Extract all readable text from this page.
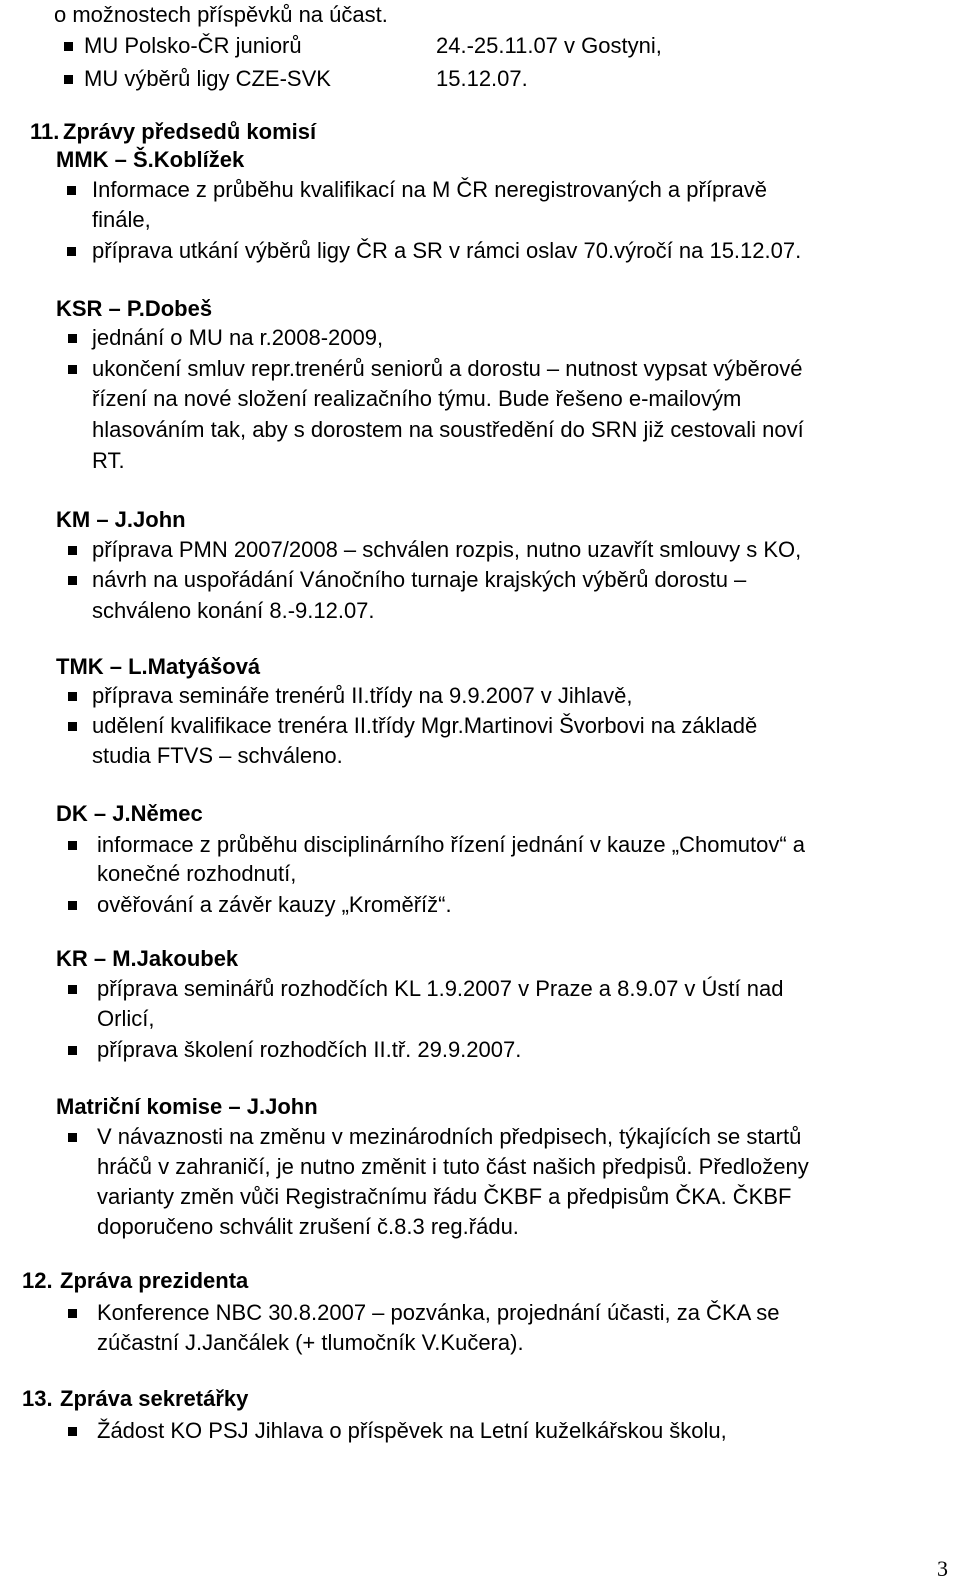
o možnostech příspěvků na účast.
MU Polsko-ČR juniorů	24.-25.11.07 v Gostyni,
MU výběrů ligy CZE-SVK	15.12.07.
11. Zprávy předsedů komisí
MMK – Š.Koblížek
Informace z průběhu kvalifikací na M ČR neregistrovaných a přípravě
finále,
příprava utkání výběrů ligy ČR a SR v rámci oslav 70.výročí na 15.12.07.
KSR – P.Dobeš
jednání o MU na r.2008-2009,
ukončení smluv repr.trenérů seniorů a dorostu – nutnost vypsat výběrové
řízení na nové složení realizačního týmu. Bude řešeno e-mailovým
hlasováním tak, aby s dorostem na soustředění do SRN již cestovali noví
RT.
KM – J.John
příprava PMN 2007/2008 – schválen rozpis, nutno uzavřít smlouvy s KO,
návrh na uspořádání Vánočního turnaje krajských výběrů dorostu –
schváleno konání 8.-9.12.07.
TMK – L.Matyášová
příprava semináře trenérů II.třídy na 9.9.2007 v Jihlavě,
udělení kvalifikace trenéra II.třídy Mgr.Martinovi Švorbovi na základě
studia FTVS – schváleno.
DK – J.Němec
informace z průběhu disciplinárního řízení jednání v kauze „Chomutov“ a
konečné rozhodnutí,
ověřování a závěr kauzy „Kroměříž“.
KR – M.Jakoubek
příprava seminářů rozhodčích KL 1.9.2007 v Praze a 8.9.07 v Ústí nad
Orlicí,
příprava školení rozhodčích II.tř. 29.9.2007.
Matriční komise – J.John
V návaznosti na změnu v mezinárodních předpisech, týkajících se startů
hráčů v zahraničí, je nutno změnit i tuto část našich předpisů. Předloženy
varianty změn vůči Registračnímu řádu ČKBF a předpisům ČKA. ČKBF
doporučeno schválit zrušení č.8.3 reg.řádu.
12. Zpráva prezidenta
Konference NBC 30.8.2007 – pozvánka, projednání účasti, za ČKA se
zúčastní J.Jančálek (+ tlumočník V.Kučera).
13. Zpráva sekretářky
Žádost KO PSJ Jihlava o příspěvek na Letní kuželkářskou školu,
3
